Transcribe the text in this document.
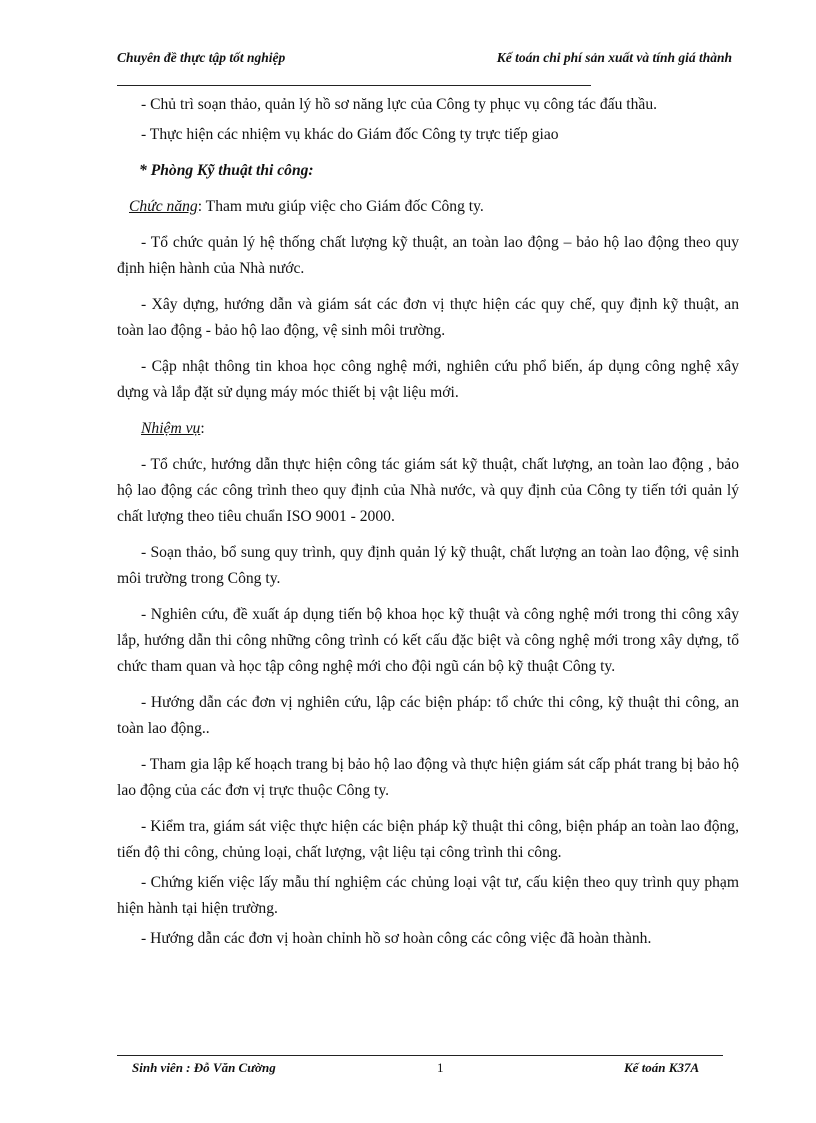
Chuyên đề thực tập tốt nghiệp	Kế toán chi phí sản xuất và tính giá thành

- Chủ trì soạn thảo, quản lý hồ sơ năng lực của Công ty phục vụ công tác đấu thầu.

- Thực hiện các nhiệm vụ khác do Giám đốc Công ty trực tiếp giao

* Phòng Kỹ thuật thi công:

Chức năng: Tham mưu giúp việc cho Giám đốc Công ty.

- Tổ chức quản lý hệ thống chất lượng kỹ thuật, an toàn lao động – bảo hộ lao động theo quy định hiện hành của Nhà nước.

- Xây dựng, hướng dẫn và giám sát các đơn vị thực hiện các quy chế, quy định kỹ thuật, an toàn lao động - bảo hộ lao động, vệ sinh môi trường.

- Cập nhật thông tin khoa học công nghệ mới, nghiên cứu phổ biến, áp dụng công nghệ xây dựng và lắp đặt sử dụng máy móc thiết bị vật liệu mới.

Nhiệm vụ:

- Tổ chức, hướng dẫn thực hiện công tác giám sát kỹ thuật, chất lượng, an toàn lao động , bảo hộ lao động các công trình theo quy định của Nhà nước, và quy định của Công ty tiến tới quản lý chất lượng theo tiêu chuẩn ISO 9001 - 2000.

- Soạn thảo, bổ sung quy trình, quy định quản lý kỹ thuật, chất lượng an toàn lao động, vệ sinh môi trường trong Công ty.

- Nghiên cứu, đề xuất áp dụng tiến bộ khoa học kỹ thuật và công nghệ mới trong thi công xây lắp, hướng dẫn thi công những công trình có kết cấu đặc biệt và công nghệ mới trong xây dựng, tổ chức tham quan và học tập công nghệ mới cho đội ngũ cán bộ kỹ thuật Công ty.

- Hướng dẫn các đơn vị nghiên cứu, lập các biện pháp: tổ chức thi công, kỹ thuật thi công, an toàn lao động..

- Tham gia lập kế hoạch trang bị bảo hộ lao động và thực hiện giám sát cấp phát trang bị bảo hộ lao động của các đơn vị trực thuộc Công ty.

- Kiểm tra, giám sát việc thực hiện các biện pháp kỹ thuật thi công, biện pháp an toàn lao động, tiến độ thi công, chủng loại, chất lượng, vật liệu tại công trình thi công.

- Chứng kiến việc lấy mẫu thí nghiệm các chủng loại vật tư, cấu kiện theo quy trình quy phạm hiện hành tại hiện trường.

- Hướng dẫn các đơn vị hoàn chỉnh hồ sơ hoàn công các công việc đã hoàn thành.

Sinh viên : Đỗ Văn Cường	1	Kế toán K37A
